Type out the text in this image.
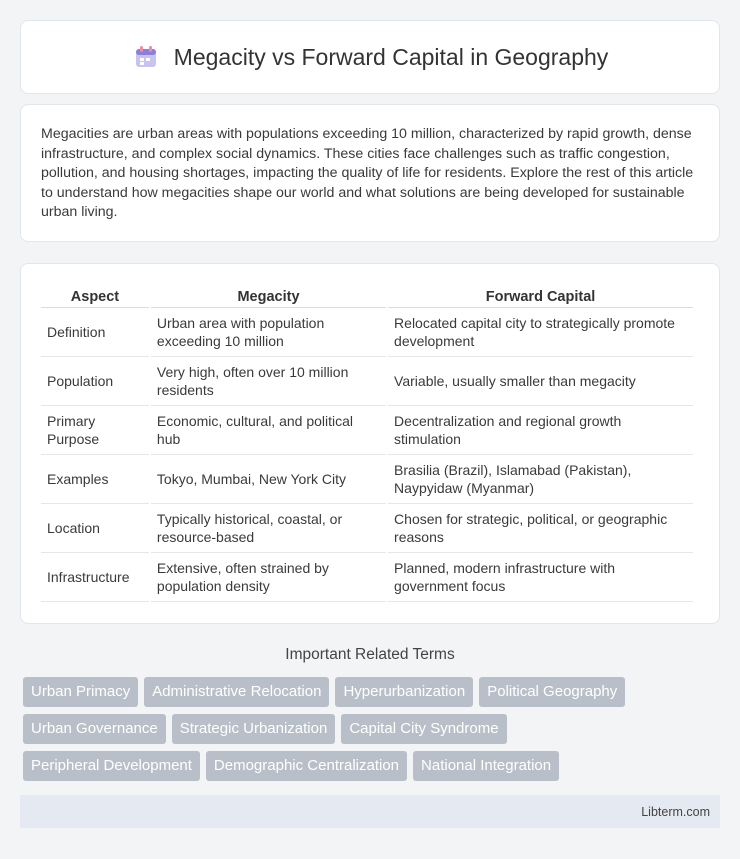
Megacity vs Forward Capital in Geography

Megacities are urban areas with populations exceeding 10 million, characterized by rapid growth, dense infrastructure, and complex social dynamics. These cities face challenges such as traffic congestion, pollution, and housing shortages, impacting the quality of life for residents. Explore the rest of this article to understand how megacities shape our world and what solutions are being developed for sustainable urban living.

Aspect	Megacity	Forward Capital
Definition	Urban area with population exceeding 10 million	Relocated capital city to strategically promote development
Population	Very high, often over 10 million residents	Variable, usually smaller than megacity
Primary Purpose	Economic, cultural, and political hub	Decentralization and regional growth stimulation
Examples	Tokyo, Mumbai, New York City	Brasilia (Brazil), Islamabad (Pakistan), Naypyidaw (Myanmar)
Location	Typically historical, coastal, or resource-based	Chosen for strategic, political, or geographic reasons
Infrastructure	Extensive, often strained by population density	Planned, modern infrastructure with government focus
Important Related Terms
Urban Primacy	Administrative Relocation	Hyperurbanization	Political Geography
Urban Governance	Strategic Urbanization	Capital City Syndrome
Peripheral Development	Demographic Centralization	National Integration
Libterm.com
